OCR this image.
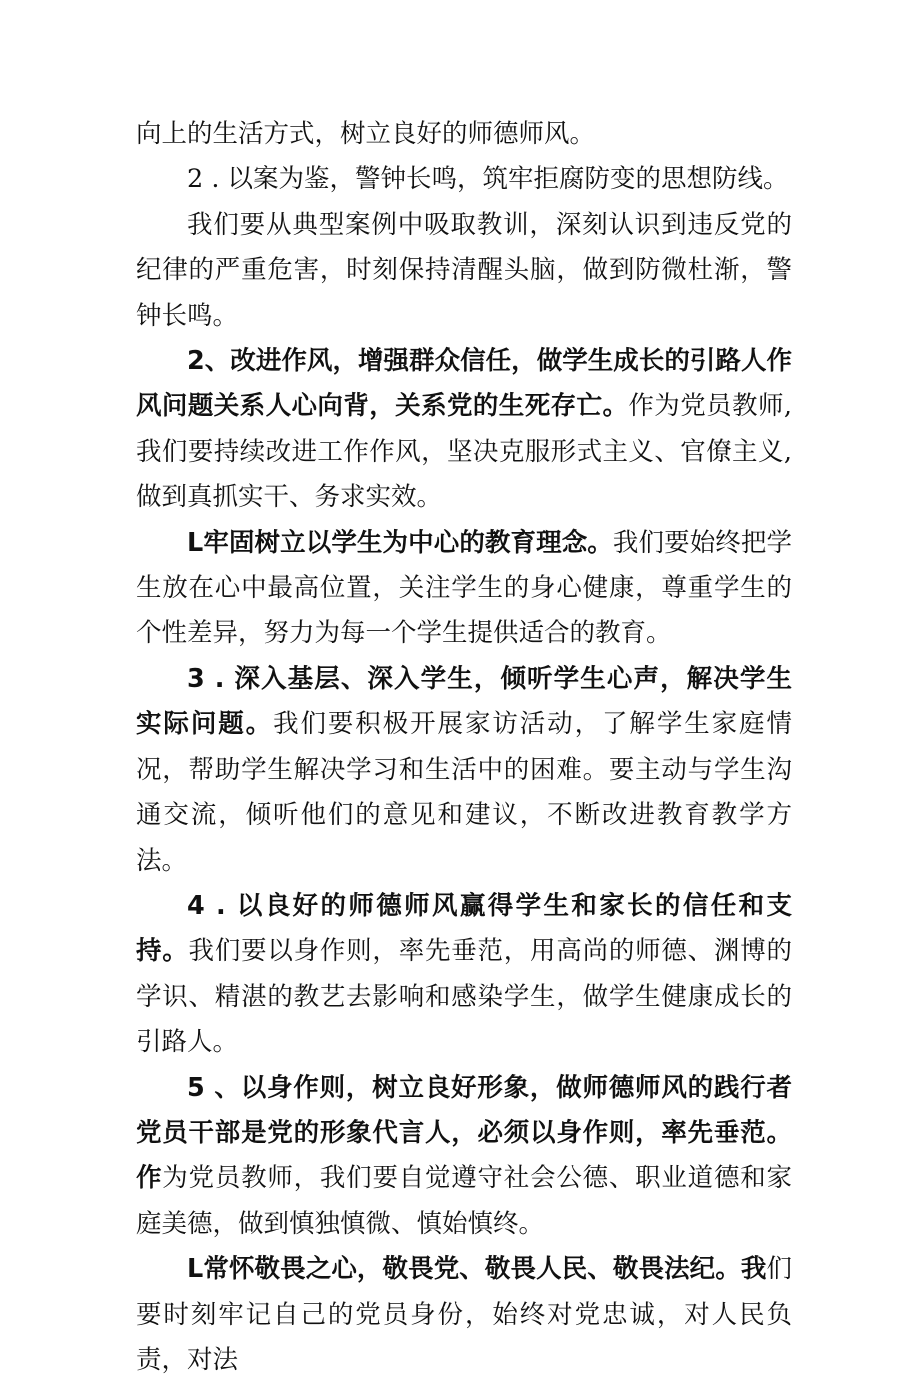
向上的生活方式，树立良好的师德师风。

2 . 以案为鉴，警钟长鸣，筑牢拒腐防变的思想防线。

我们要从典型案例中吸取教训，深刻认识到违反党的纪律的严重危害，时刻保持清醒头脑，做到防微杜渐，警钟长鸣。

2、改进作风，增强群众信任，做学生成长的引路人作风问题关系人心向背，关系党的生死存亡。作为党员教师,我们要持续改进工作作风，坚决克服形式主义、官僚主义,做到真抓实干、务求实效。

L牢固树立以学生为中心的教育理念。我们要始终把学生放在心中最高位置，关注学生的身心健康，尊重学生的个性差异，努力为每一个学生提供适合的教育。

3 . 深入基层、深入学生，倾听学生心声，解决学生实际问题。我们要积极开展家访活动，了解学生家庭情况，帮助学生解决学习和生活中的困难。要主动与学生沟通交流，倾听他们的意见和建议，不断改进教育教学方法。

4 . 以良好的师德师风赢得学生和家长的信任和支持。我们要以身作则，率先垂范，用高尚的师德、渊博的学识、精湛的教艺去影响和感染学生，做学生健康成长的引路人。

5 、以身作则，树立良好形象，做师德师风的践行者党员干部是党的形象代言人，必须以身作则，率先垂范。作为党员教师，我们要自觉遵守社会公德、职业道德和家庭美德，做到慎独慎微、慎始慎终。

L常怀敬畏之心，敬畏党、敬畏人民、敬畏法纪。我们要时刻牢记自己的党员身份，始终对党忠诚，对人民负责，对法
